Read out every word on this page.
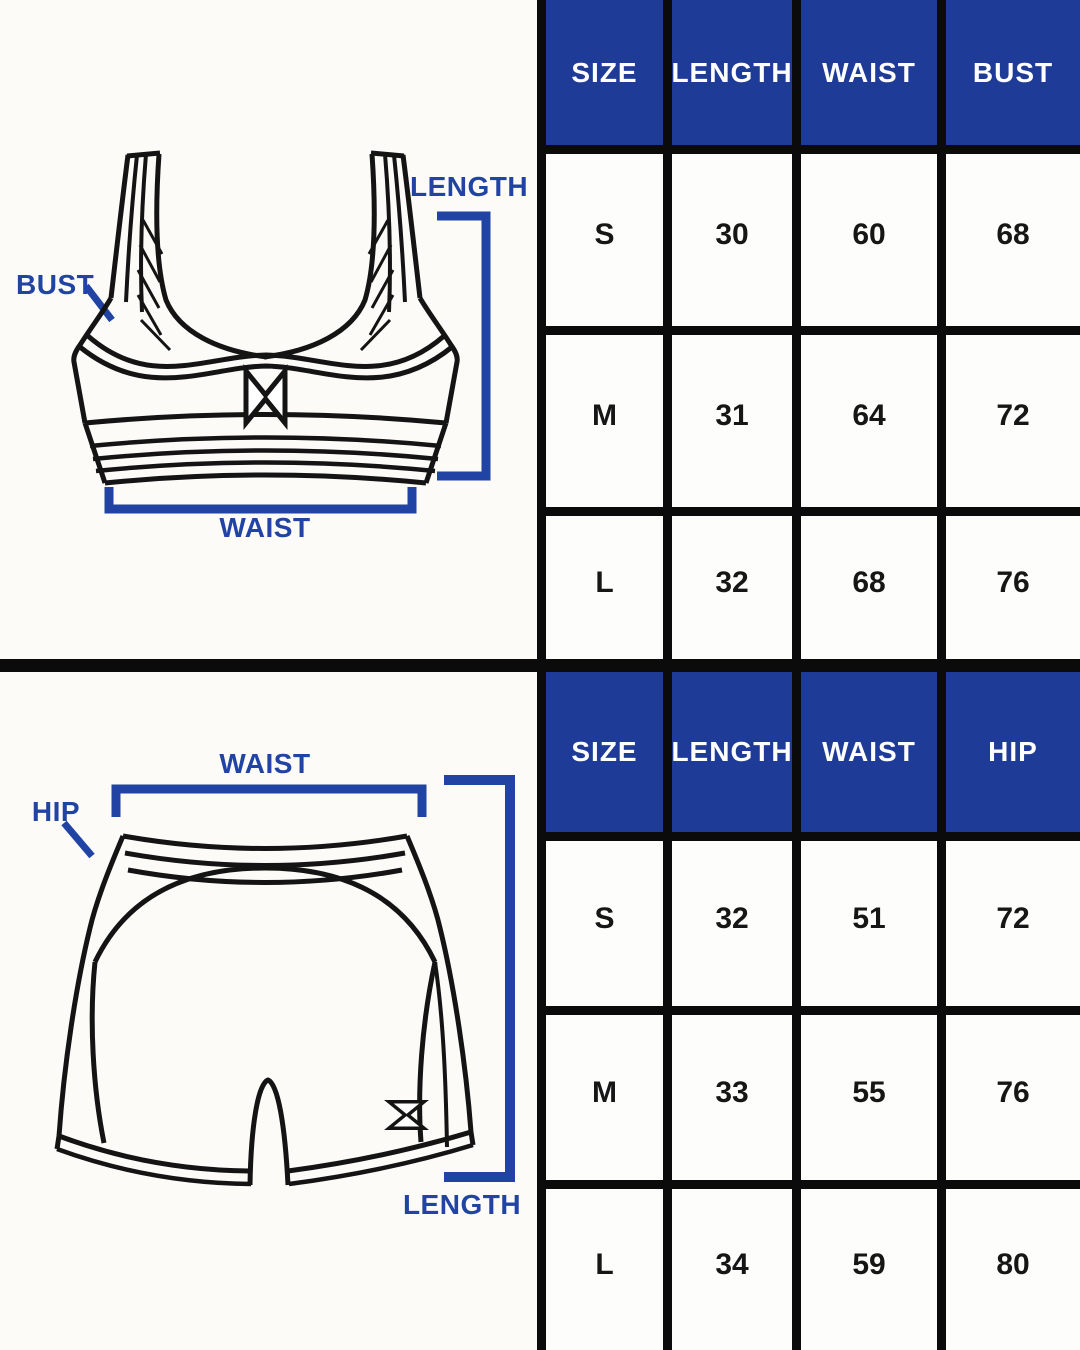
LENGTH
BUST
WAIST
WAIST
HIP
LENGTH
SIZE	LENGTH	WAIST	BUST
S	30	60	68
M	31	64	72
L	32	68	76
SIZE	LENGTH	WAIST	HIP
S	32	51	72
M	33	55	76
L	34	59	80
